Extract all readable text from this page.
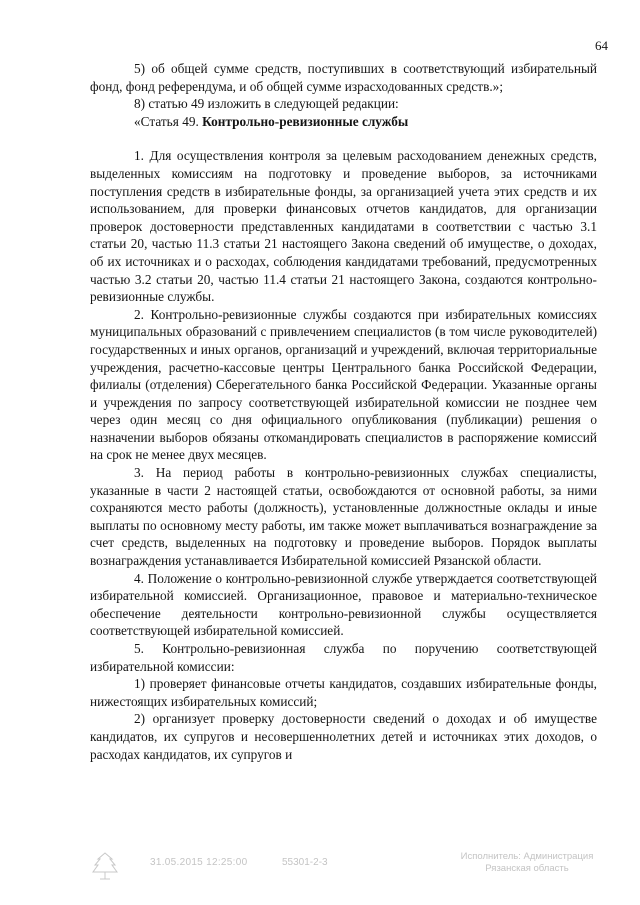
64

5) об общей сумме средств, поступивших в соответствующий избирательный фонд, фонд референдума, и об общей сумме израсходованных средств.»;

8) статью 49 изложить в следующей редакции:

«Статья 49. Контрольно-ревизионные службы

1. Для осуществления контроля за целевым расходованием денежных средств, выделенных комиссиям на подготовку и проведение выборов, за источниками поступления средств в избирательные фонды, за организацией учета этих средств и их использованием, для проверки финансовых отчетов кандидатов, для организации проверок достоверности представленных кандидатами в соответствии с частью 3.1 статьи 20, частью 11.3 статьи 21 настоящего Закона сведений об имуществе, о доходах, об их источниках и о расходах, соблюдения кандидатами требований, предусмотренных частью 3.2 статьи 20, частью 11.4 статьи 21 настоящего Закона, создаются контрольно-ревизионные службы.

2. Контрольно-ревизионные службы создаются при избирательных комиссиях муниципальных образований с привлечением специалистов (в том числе руководителей) государственных и иных органов, организаций и учреждений, включая территориальные учреждения, расчетно-кассовые центры Центрального банка Российской Федерации, филиалы (отделения) Сберегательного банка Российской Федерации. Указанные органы и учреждения по запросу соответствующей избирательной комиссии не позднее чем через один месяц со дня официального опубликования (публикации) решения о назначении выборов обязаны откомандировать специалистов в распоряжение комиссий на срок не менее двух месяцев.

3. На период работы в контрольно-ревизионных службах специалисты, указанные в части 2 настоящей статьи, освобождаются от основной работы, за ними сохраняются место работы (должность), установленные должностные оклады и иные выплаты по основному месту работы, им также может выплачиваться вознаграждение за счет средств, выделенных на подготовку и проведение выборов. Порядок выплаты вознаграждения устанавливается Избирательной комиссией Рязанской области.

4. Положение о контрольно-ревизионной службе утверждается соответствующей избирательной комиссией. Организационное, правовое и материально-техническое обеспечение деятельности контрольно-ревизионной службы осуществляется соответствующей избирательной комиссией.

5. Контрольно-ревизионная служба по поручению соответствующей избирательной комиссии:

1) проверяет финансовые отчеты кандидатов, создавших избирательные фонды, нижестоящих избирательных комиссий;

2) организует проверку достоверности сведений о доходах и об имуществе кандидатов, их супругов и несовершеннолетних детей и источниках этих доходов, о расходах кандидатов, их супругов и

31.05.2015 12:25:00	55301-2-3
Исполнитель: Администрация
Рязанская область
